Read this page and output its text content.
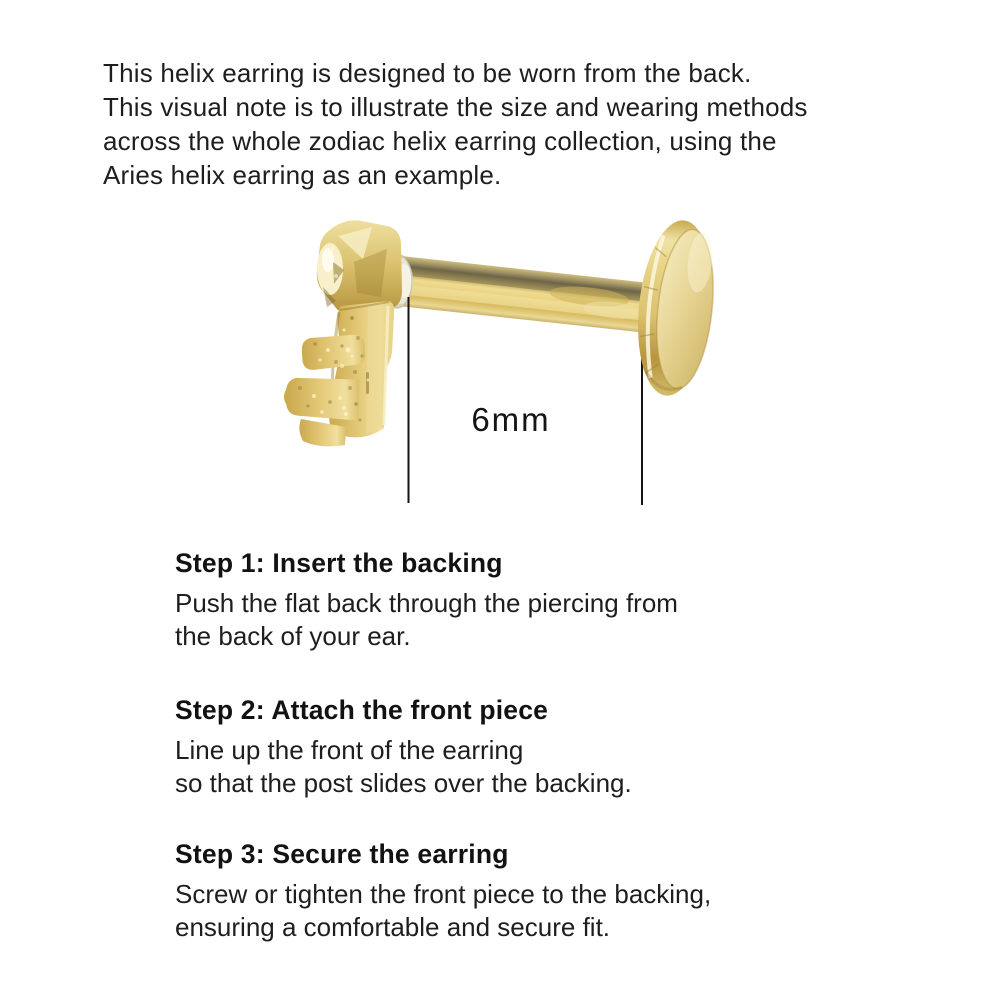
This helix earring is designed to be worn from the back.
This visual note is to illustrate the size and wearing methods
across the whole zodiac helix earring collection, using the
Aries helix earring as an example.
6mm
Step 1: Insert the backing
Push the flat back through the piercing from
the back of your ear.
Step 2: Attach the front piece
Line up the front of the earring
so that the post slides over the backing.
Step 3: Secure the earring
Screw or tighten the front piece to the backing,
ensuring a comfortable and secure fit.
